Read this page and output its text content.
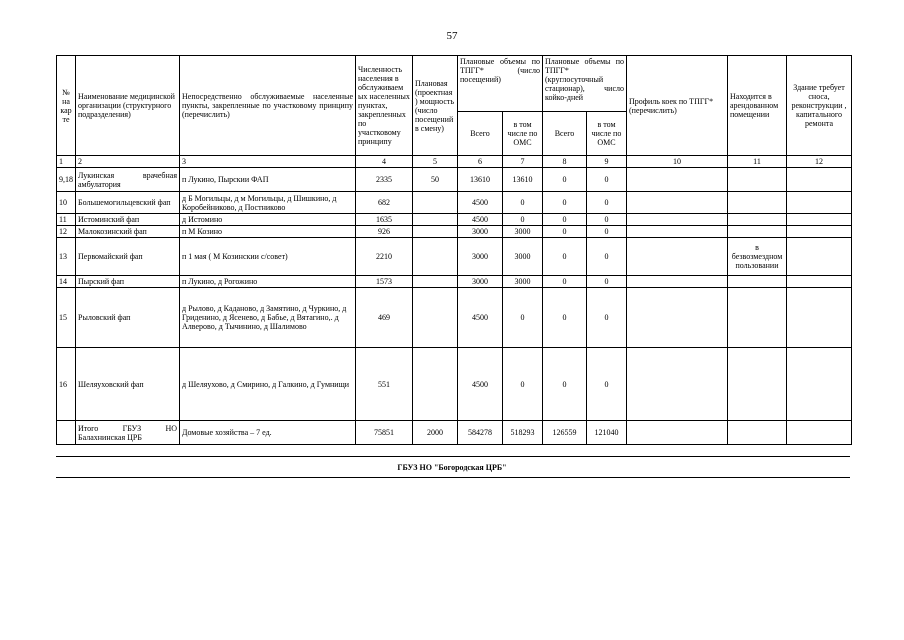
57
№ на кар те	Наименование медицинской организации (структурного подразделения)	Непосредственно обслуживаемые населенные пункты, закрепленные по участковому принципу (перечислить)	Численность населения в обслуживаем ых населенных пунктах, закрепленных по участковому принципу	Плановая (проектная ) мощность (число посещений в смену)	Плановые объемы по ТПГГ* (число посещений)		Плановые объемы по ТПГГ* (круглосуточный стационар), число койко-дней		Профиль коек по ТПГГ* (перечислить)	Находится в арендованном помещении	Здание требует сноса, реконструкции , капитального ремонта
					Всего	в том числе по ОМС	Всего	в том числе по ОМС			
1	2	3	4	5	6	7	8	9	10	11	12
9,18	Лукинская врачебная амбулатория	п Лукино, Пырскии ФАП	2335	50	13610	13610	0	0			
10	Большемогильцевский фап	д Б Могильцы, д м Могильцы, д Шишкино, д Коробейниково, д Постниково	682		4500	0	0	0			
11	Истоминский фап	д Истомино	1635		4500	0	0	0			
12	Малокозинский фап	п М Козино	926		3000	3000	0	0			
13	Первомайский фап	п 1 мая ( М Козинскии с/совет)	2210		3000	3000	0	0		в безвозмездном пользовании	
14	Пырский фап	п Лукино, д Рогожино	1573		3000	3000	0	0			
15	Рыловский фап	д Рылово, д Каданово, д Замятино, д Чуркино, д Гриденино, д Ясенево, д Бабье, д Вятагино,. д Алверово, д Тычинино, д Шалимово	469		4500	0	0	0			
16	Шеляуховский фап	д Шеляухово, д Смирино, д Галкино, д Гумнищи	551		4500	0	0	0			
	Итого ГБУЗ НО Балахнинская ЦРБ	Домовые хозяйства – 7 ед.	75851	2000	584278	518293	126559	121040			
ГБУЗ НО "Богородская ЦРБ"
